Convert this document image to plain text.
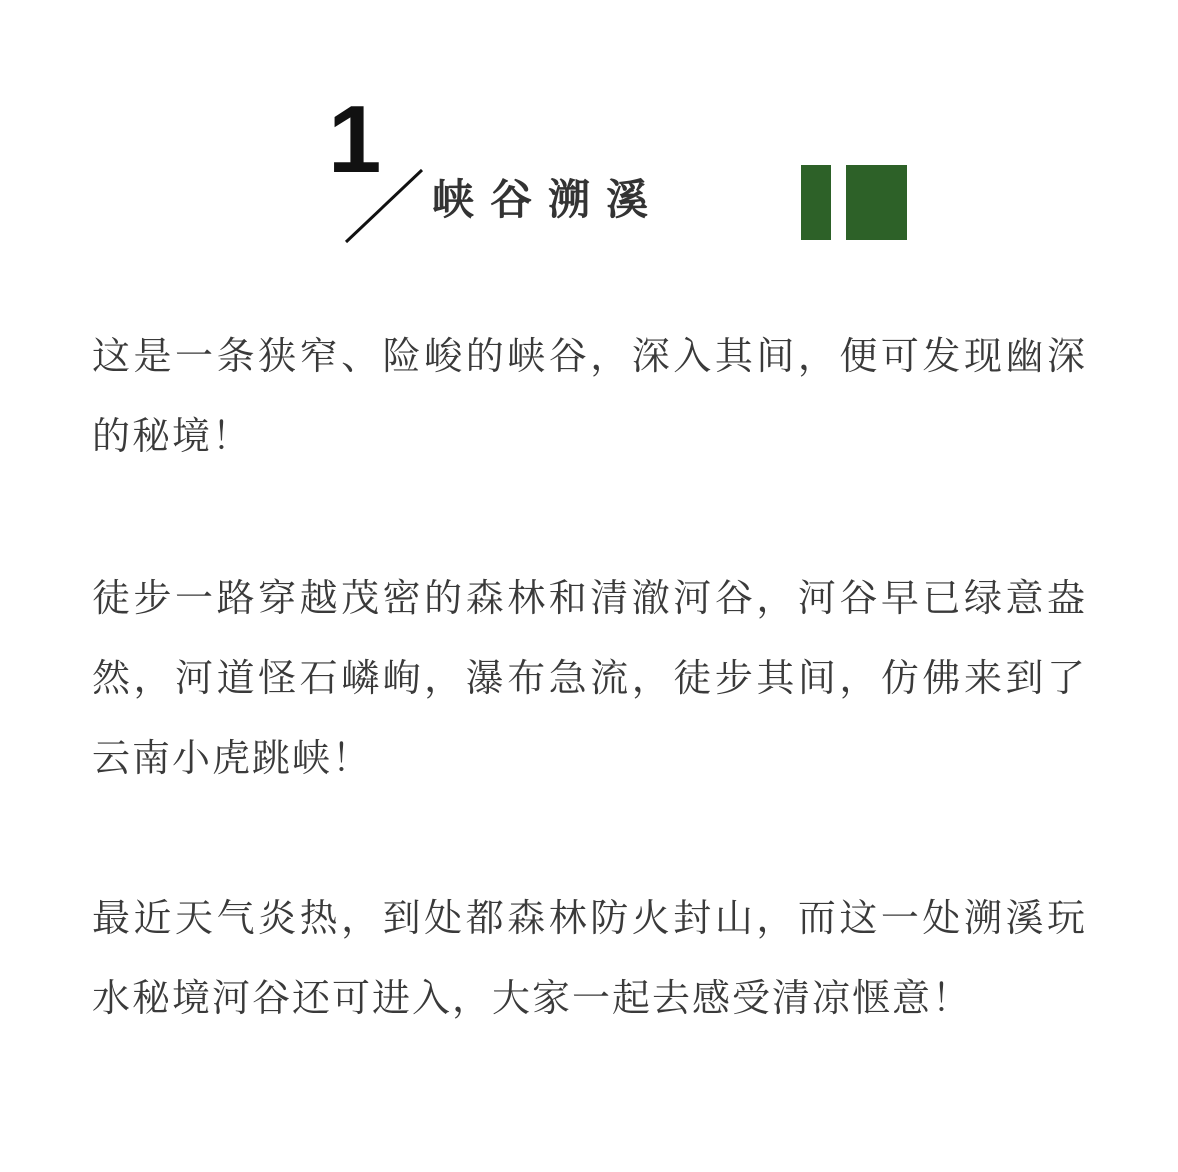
1
峡谷溯溪

这是一条狭窄、险峻的峡谷，深入其间，便可发现幽深的秘境！

徒步一路穿越茂密的森林和清澈河谷，河谷早已绿意盎然，河道怪石嶙峋，瀑布急流，徒步其间，仿佛来到了云南小虎跳峡！

最近天气炎热，到处都森林防火封山，而这一处溯溪玩水秘境河谷还可进入，大家一起去感受清凉惬意！
